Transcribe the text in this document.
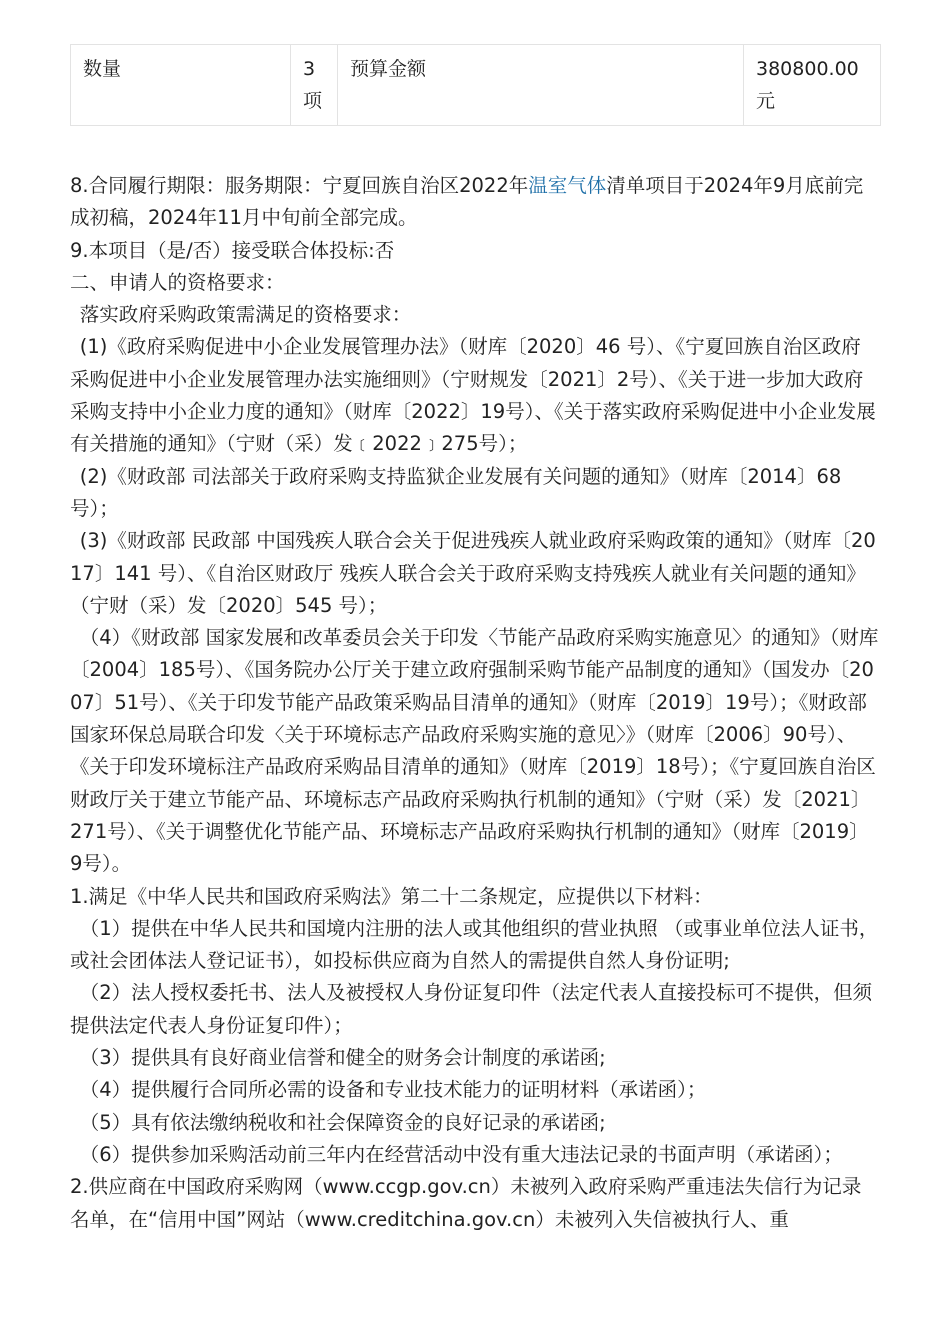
数量	3项	预算金额	380800.00元

8.合同履行期限：服务期限：宁夏回族自治区2022年温室气体清单项目于2024年9月底前完成初稿，2024年11月中旬前全部完成。

9.本项目（是/否）接受联合体投标:否

二、申请人的资格要求：

落实政府采购政策需满足的资格要求：

(1)《政府采购促进中小企业发展管理办法》（财库〔2020〕46 号）、《宁夏回族自治区政府采购促进中小企业发展管理办法实施细则》（宁财规发〔2021〕2号）、《关于进一步加大政府采购支持中小企业力度的通知》（财库〔2022〕19号）、《关于落实政府采购促进中小企业发展有关措施的通知》（宁财（采）发﹝2022﹞275号）；

(2)《财政部 司法部关于政府采购支持监狱企业发展有关问题的通知》（财库〔2014〕68 号）；

(3)《财政部 民政部 中国残疾人联合会关于促进残疾人就业政府采购政策的通知》（财库〔2017〕141 号）、《自治区财政厅 残疾人联合会关于政府采购支持残疾人就业有关问题的通知》（宁财（采）发〔2020〕545 号）；

（4）《财政部 国家发展和改革委员会关于印发〈节能产品政府采购实施意见〉的通知》（财库〔2004〕185号）、《国务院办公厅关于建立政府强制采购节能产品制度的通知》（国发办〔2007〕51号）、《关于印发节能产品政策采购品目清单的通知》（财库〔2019〕19号）；《财政部 国家环保总局联合印发〈关于环境标志产品政府采购实施的意见〉》（财库〔2006〕90号）、《关于印发环境标注产品政府采购品目清单的通知》（财库〔2019〕18号）；《宁夏回族自治区财政厅关于建立节能产品、环境标志产品政府采购执行机制的通知》（宁财（采）发〔2021〕271号）、《关于调整优化节能产品、环境标志产品政府采购执行机制的通知》（财库〔2019〕9号）。

1.满足《中华人民共和国政府采购法》第二十二条规定，应提供以下材料：

（1）提供在中华人民共和国境内注册的法人或其他组织的营业执照 （或事业单位法人证书，或社会团体法人登记证书），如投标供应商为自然人的需提供自然人身份证明;

（2）法人授权委托书、法人及被授权人身份证复印件（法定代表人直接投标可不提供，但须提供法定代表人身份证复印件）；

（3）提供具有良好商业信誉和健全的财务会计制度的承诺函;

（4）提供履行合同所必需的设备和专业技术能力的证明材料（承诺函）；

（5）具有依法缴纳税收和社会保障资金的良好记录的承诺函;

（6）提供参加采购活动前三年内在经营活动中没有重大违法记录的书面声明（承诺函）；

2.供应商在中国政府采购网（www.ccgp.gov.cn）未被列入政府采购严重违法失信行为记录名单，在“信用中国”网站（www.creditchina.gov.cn）未被列入失信被执行人、重
